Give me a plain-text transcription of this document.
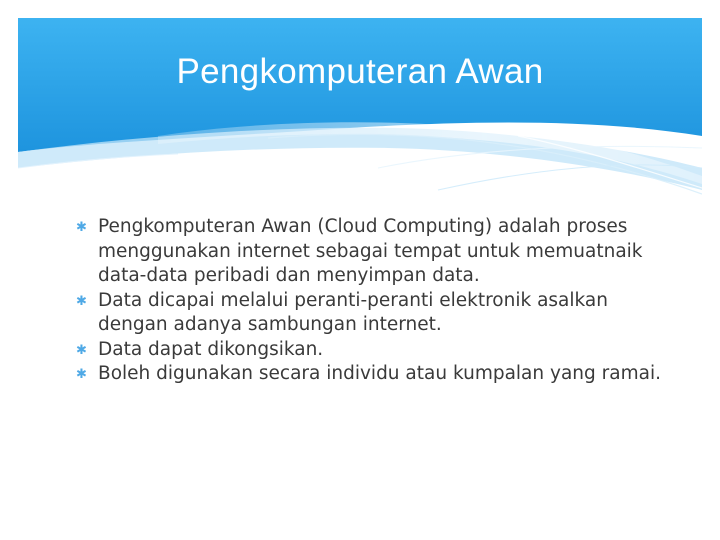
Pengkomputeran Awan
✱ Pengkomputeran Awan (Cloud Computing) adalah proses menggunakan internet sebagai tempat untuk memuatnaik data-data peribadi dan menyimpan data.
✱ Data dicapai melalui peranti-peranti elektronik asalkan dengan adanya sambungan internet.
✱ Data dapat dikongsikan.
✱ Boleh digunakan secara individu atau kumpalan yang ramai.
